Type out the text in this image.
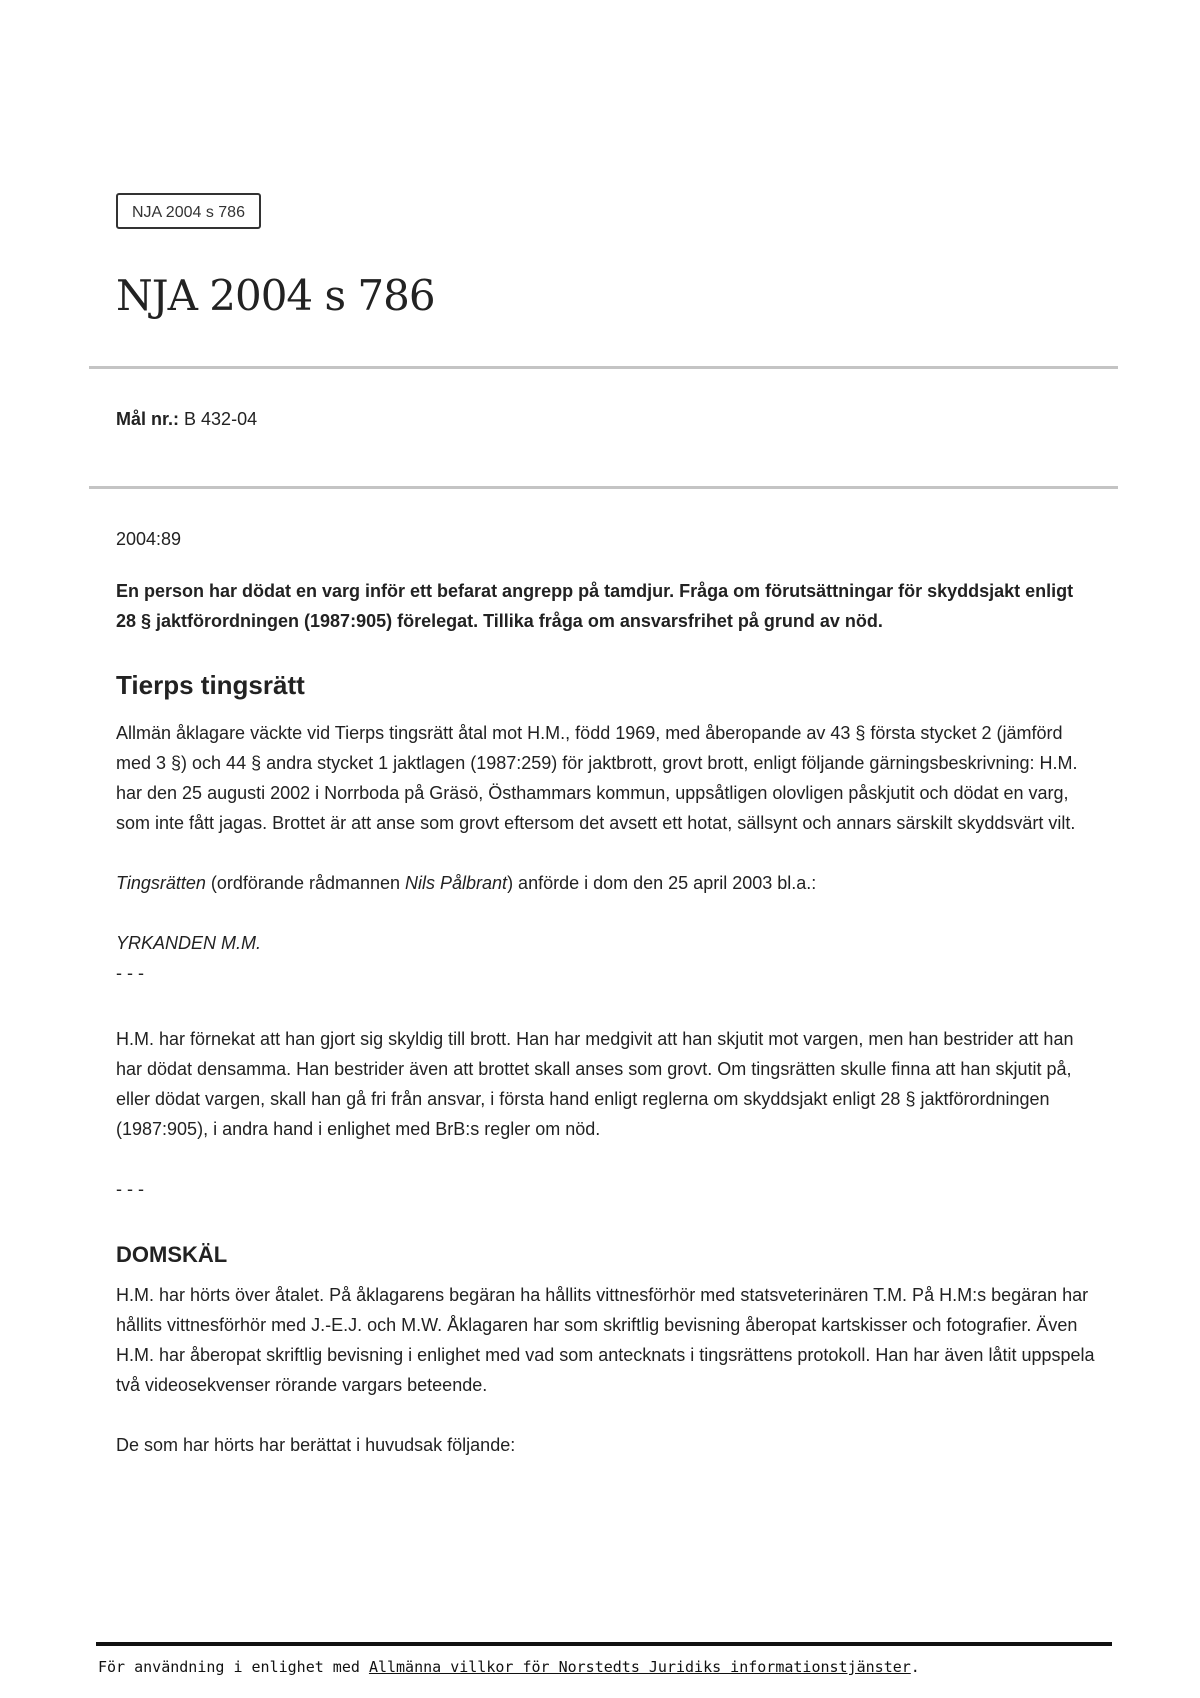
NJA 2004 s 786
NJA 2004 s 786
Mål nr.: B 432-04

2004:89

En person har dödat en varg inför ett befarat angrepp på tamdjur. Fråga om förutsättningar för skyddsjakt enligt 28 § jaktförordningen (1987:905) förelegat. Tillika fråga om ansvarsfrihet på grund av nöd.

Tierps tingsrätt

Allmän åklagare väckte vid Tierps tingsrätt åtal mot H.M., född 1969, med åberopande av 43 § första stycket 2 (jämförd med 3 §) och 44 § andra stycket 1 jaktlagen (1987:259) för jaktbrott, grovt brott, enligt följande gärningsbeskrivning: H.M. har den 25 augusti 2002 i Norrboda på Gräsö, Östhammars kommun, uppsåtligen olovligen påskjutit och dödat en varg, som inte fått jagas. Brottet är att anse som grovt eftersom det avsett ett hotat, sällsynt och annars särskilt skyddsvärt vilt.

Tingsrätten (ordförande rådmannen Nils Pålbrant) anförde i dom den 25 april 2003 bl.a.:

YRKANDEN M.M.

- - -

H.M. har förnekat att han gjort sig skyldig till brott. Han har medgivit att han skjutit mot vargen, men han bestrider att han har dödat densamma. Han bestrider även att brottet skall anses som grovt. Om tingsrätten skulle finna att han skjutit på, eller dödat vargen, skall han gå fri från ansvar, i första hand enligt reglerna om skyddsjakt enligt 28 § jaktförordningen (1987:905), i andra hand i enlighet med BrB:s regler om nöd.

- - -

DOMSKÄL

H.M. har hörts över åtalet. På åklagarens begäran ha hållits vittnesförhör med statsveterinären T.M. På H.M:s begäran har hållits vittnesförhör med J.-E.J. och M.W. Åklagaren har som skriftlig bevisning åberopat kartskisser och fotografier. Även H.M. har åberopat skriftlig bevisning i enlighet med vad som antecknats i tingsrättens protokoll. Han har även låtit uppspela två videosekvenser rörande vargars beteende.

De som har hörts har berättat i huvudsak följande:

För användning i enlighet med Allmänna villkor för Norstedts Juridiks informationstjänster.
